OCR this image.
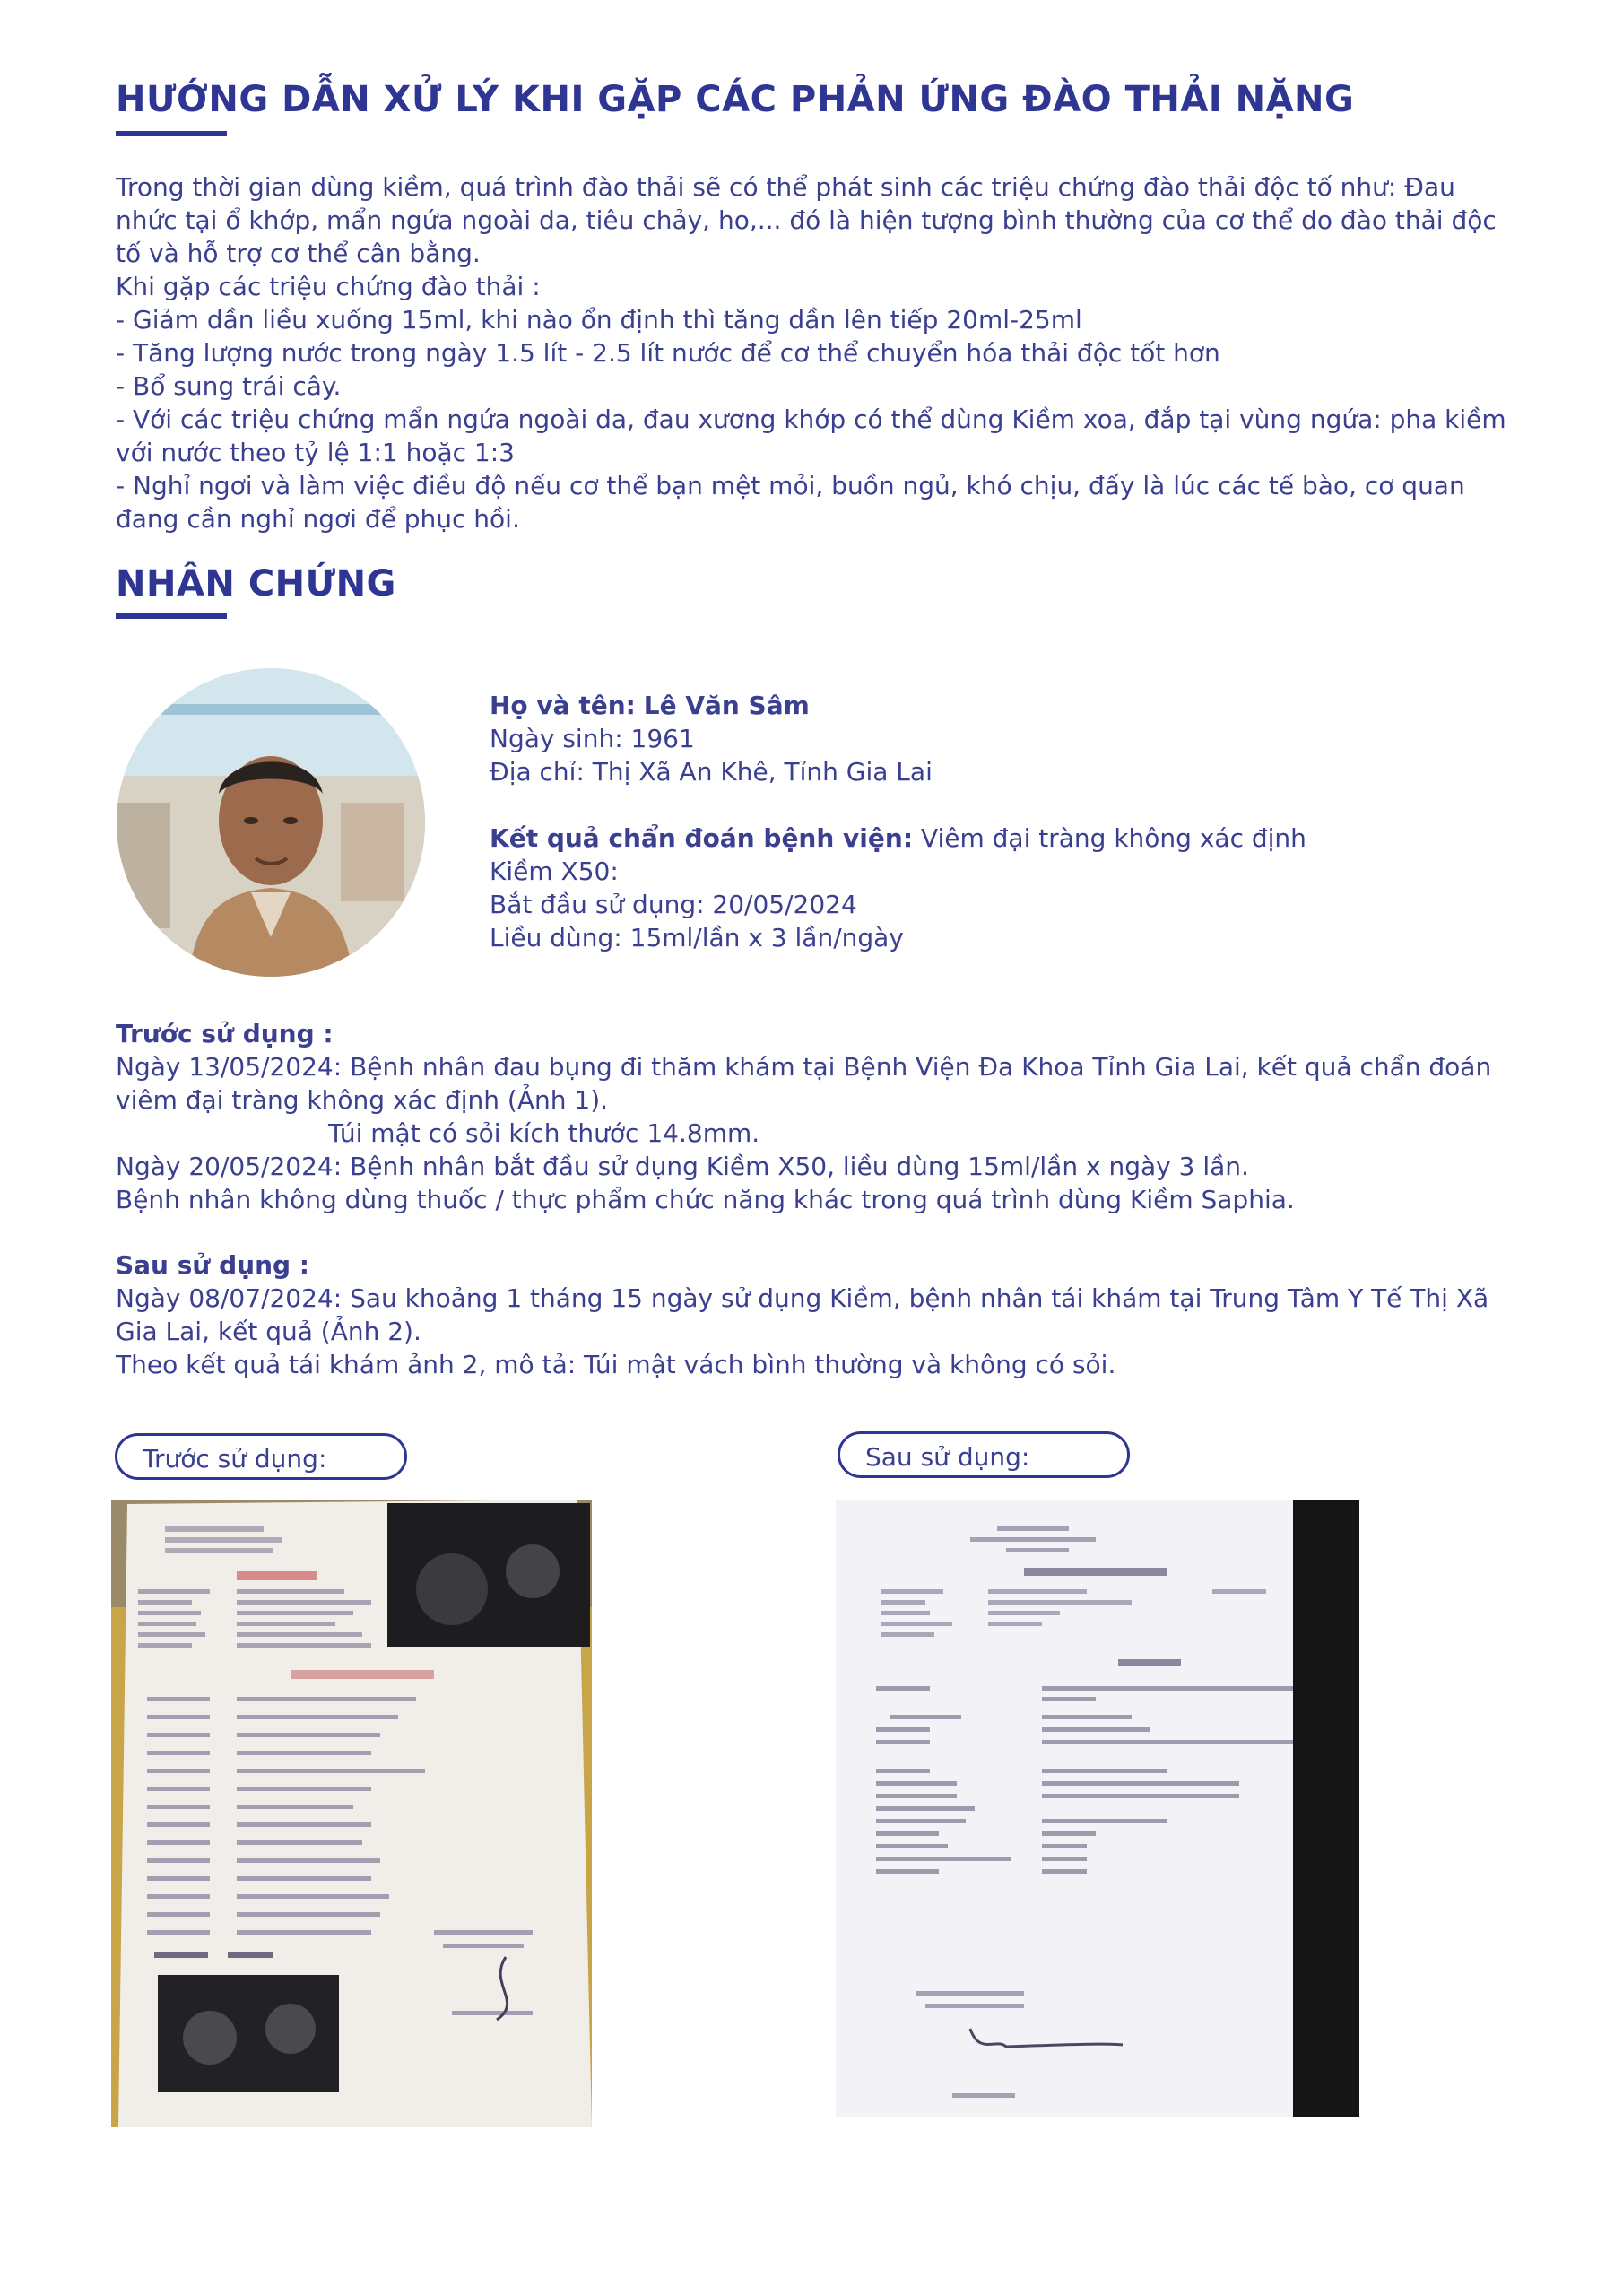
HƯỚNG DẪN XỬ LÝ KHI GẶP CÁC PHẢN ỨNG ĐÀO THẢI NẶNG

Trong thời gian dùng kiềm, quá trình đào thải sẽ có thể phát sinh các triệu chứng đào thải độc tố như: Đau nhức tại ổ khớp, mẩn ngứa ngoài da, tiêu chảy, ho,... đó là hiện tượng bình thường của cơ thể do đào thải độc tố và hỗ trợ cơ thể cân bằng.

Khi gặp các triệu chứng đào thải :

- Giảm dần liều xuống 15ml, khi nào ổn định thì tăng dần lên tiếp 20ml-25ml

- Tăng lượng nước trong ngày 1.5 lít - 2.5 lít nước để cơ thể chuyển hóa thải độc tốt hơn

- Bổ sung trái cây.

- Với các triệu chứng mẩn ngứa ngoài da, đau xương khớp có thể dùng Kiềm xoa, đắp tại vùng ngứa: pha kiềm với nước theo tỷ lệ 1:1 hoặc 1:3

- Nghỉ ngơi và làm việc điều độ nếu cơ thể bạn mệt mỏi, buồn ngủ, khó chịu, đấy là lúc các tế bào, cơ quan đang cần nghỉ ngơi để phục hồi.

NHÂN CHỨNG

Họ và tên: Lê Văn Sâm

Ngày sinh: 1961

Địa chỉ: Thị Xã An Khê, Tỉnh Gia Lai

Kết quả chẩn đoán bệnh viện: Viêm đại tràng không xác định

Kiềm X50:

Bắt đầu sử dụng: 20/05/2024

Liều dùng: 15ml/lần x 3 lần/ngày

Trước sử dụng :

Ngày 13/05/2024: Bệnh nhân đau bụng đi thăm khám tại Bệnh Viện Đa Khoa Tỉnh Gia Lai, kết quả chẩn đoán viêm đại tràng không xác định (Ảnh 1).

Túi mật có sỏi kích thước 14.8mm.

Ngày 20/05/2024: Bệnh nhân bắt đầu sử dụng Kiềm X50, liều dùng 15ml/lần x ngày 3 lần.

Bệnh nhân không dùng thuốc / thực phẩm chức năng khác trong quá trình dùng Kiềm Saphia.

Sau sử dụng :

Ngày 08/07/2024: Sau khoảng 1 tháng 15 ngày sử dụng Kiềm, bệnh nhân tái khám tại Trung Tâm Y Tế Thị Xã Gia Lai, kết quả (Ảnh 2).

Theo kết quả tái khám ảnh 2, mô tả: Túi mật vách bình thường và không có sỏi.

Trước sử dụng:	Sau sử dụng:
